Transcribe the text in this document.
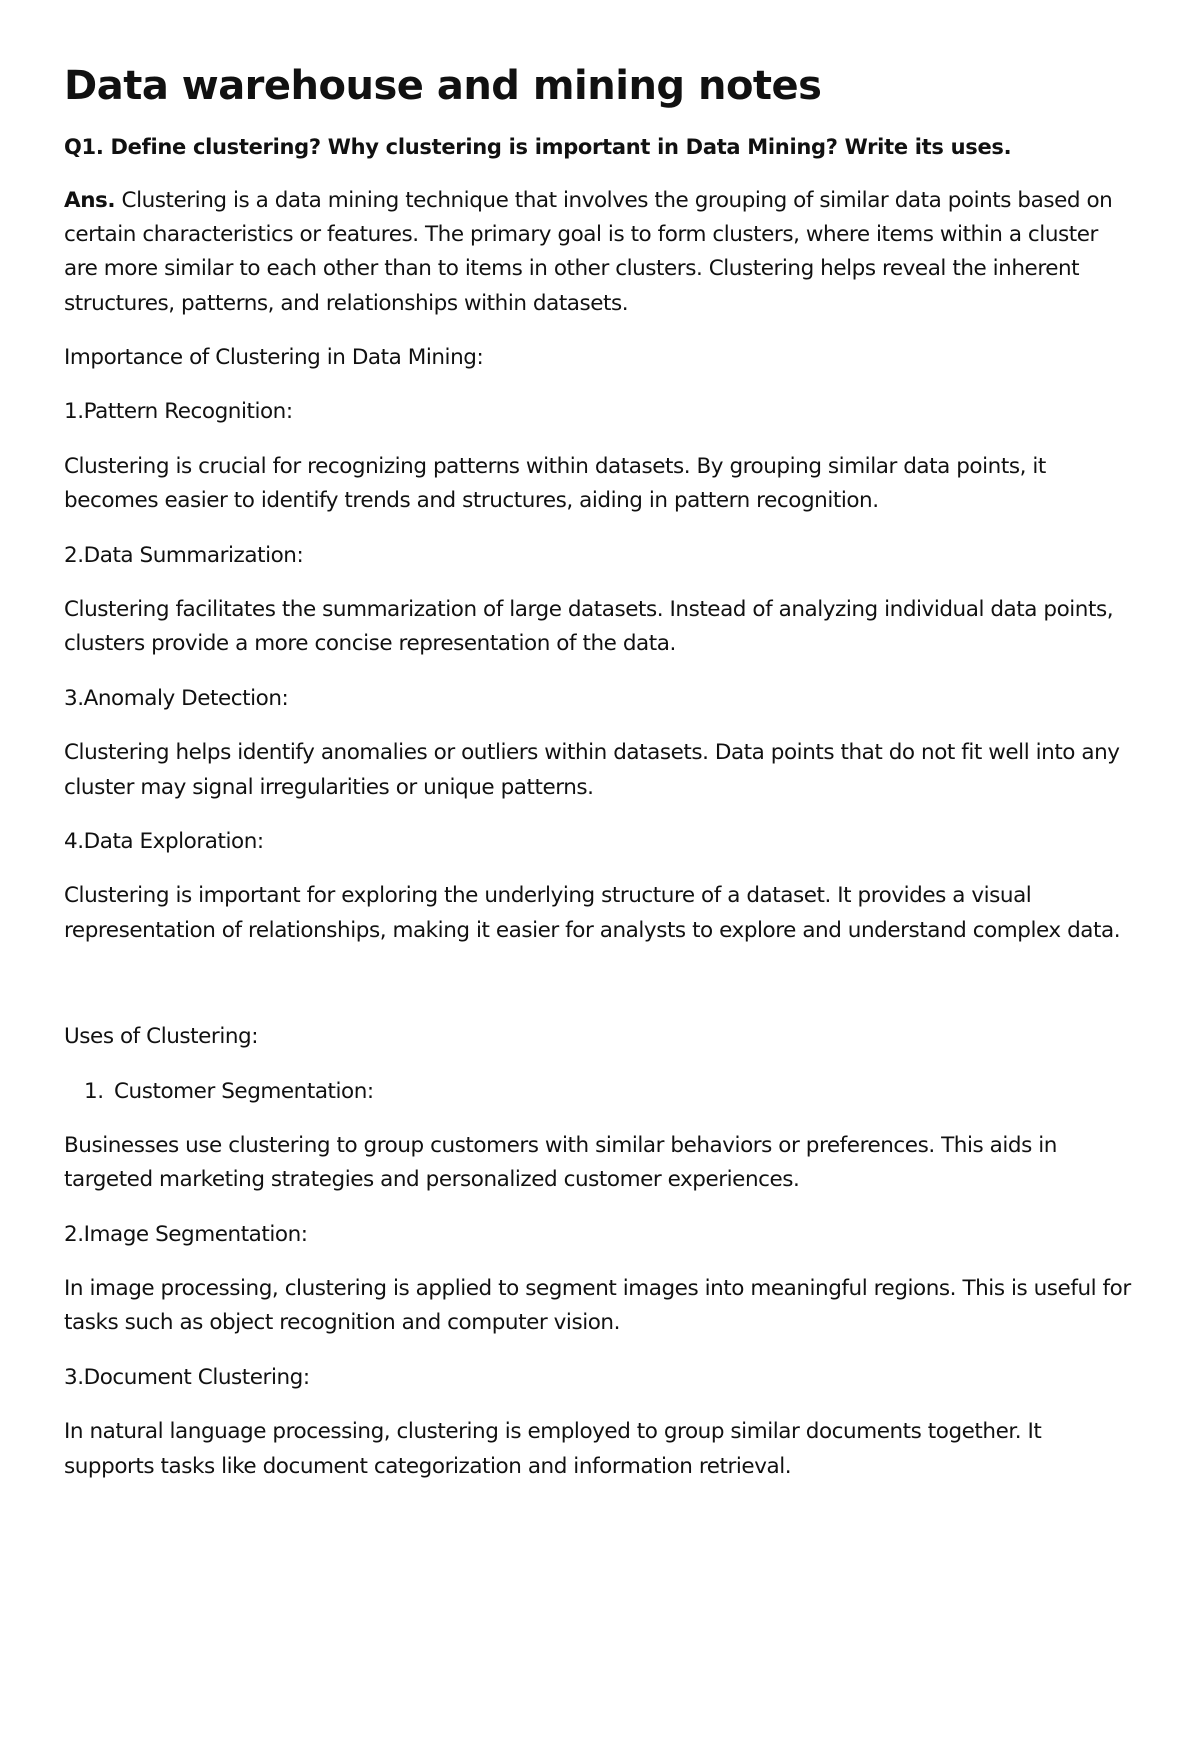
Data warehouse and mining notes
Q1. Define clustering? Why clustering is important in Data Mining? Write its uses.

Ans. Clustering is a data mining technique that involves the grouping of similar data points based on certain characteristics or features. The primary goal is to form clusters, where items within a cluster are more similar to each other than to items in other clusters. Clustering helps reveal the inherent structures, patterns, and relationships within datasets.

Importance of Clustering in Data Mining:
1.Pattern Recognition:

Clustering is crucial for recognizing patterns within datasets. By grouping similar data points, it becomes easier to identify trends and structures, aiding in pattern recognition.

2.Data Summarization:

Clustering facilitates the summarization of large datasets. Instead of analyzing individual data points, clusters provide a more concise representation of the data.

3.Anomaly Detection:

Clustering helps identify anomalies or outliers within datasets. Data points that do not fit well into any cluster may signal irregularities or unique patterns.

4.Data Exploration:

Clustering is important for exploring the underlying structure of a dataset. It provides a visual representation of relationships, making it easier for analysts to explore and understand complex data.

Uses of Clustering:
1. Customer Segmentation:

Businesses use clustering to group customers with similar behaviors or preferences. This aids in targeted marketing strategies and personalized customer experiences.

2.Image Segmentation:

In image processing, clustering is applied to segment images into meaningful regions. This is useful for tasks such as object recognition and computer vision.

3.Document Clustering:

In natural language processing, clustering is employed to group similar documents together. It supports tasks like document categorization and information retrieval.
